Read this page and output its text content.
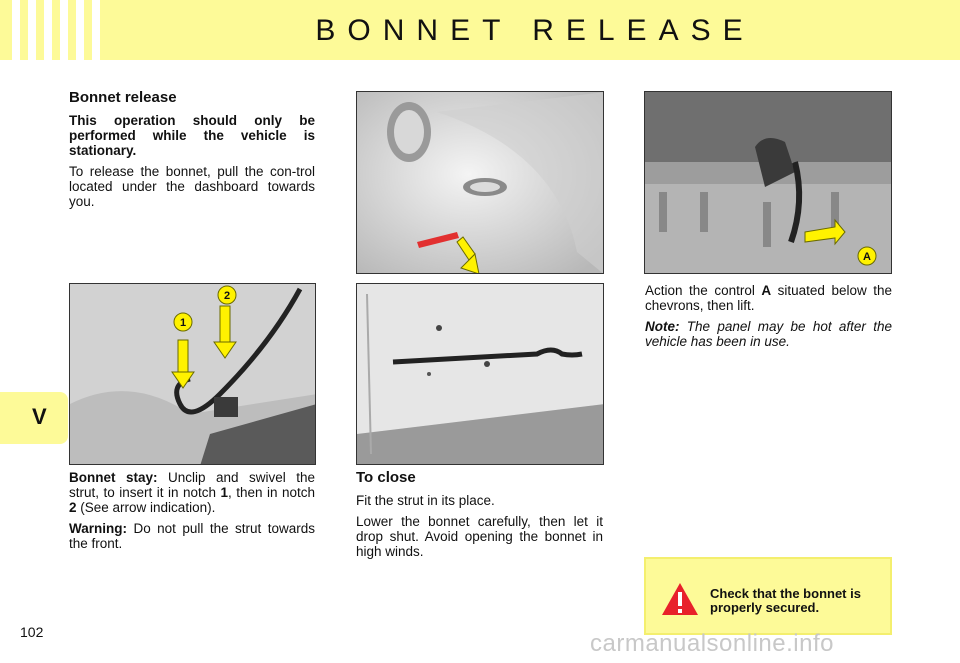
BONNET RELEASE
V
Bonnet release
This operation should only be performed while the vehicle is stationary.
To release the bonnet, pull the con-trol located under the dashboard towards you.
A
Action the control A situated below the chevrons, then lift.
Note: The panel may be hot after the vehicle has been in use.
1
2
Bonnet stay: Unclip and swivel the strut, to insert it in notch 1, then in notch 2 (See arrow indication).
Warning: Do not pull the strut towards the front.
To close
Fit the strut in its place.
Lower the bonnet carefully, then let it drop shut. Avoid opening the bonnet in high winds.
Check that the bonnet is
properly secured.
102	carmanualsonline.info
